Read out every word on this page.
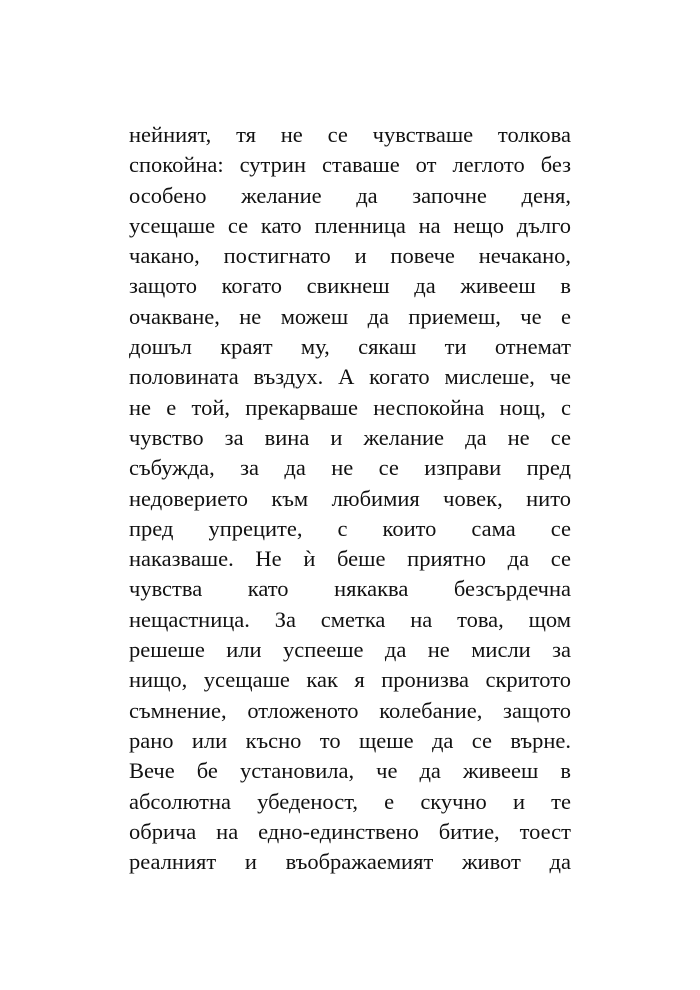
нейният, тя не се чувстваше толкова
спокойна: сутрин ставаше от леглото без
особено желание да започне деня,
усещаше се като пленница на нещо дълго
чакано, постигнато и повече нечакано,
защото когато свикнеш да живееш в
очакване, не можеш да приемеш, че е
дошъл краят му, сякаш ти отнемат
половината въздух. А когато мислеше, че
не е той, прекарваше неспокойна нощ, с
чувство за вина и желание да не се
събужда, за да не се изправи пред
недоверието към любимия човек, нито
пред упреците, с които сама се
наказваше. Не ѝ беше приятно да се
чувства като някаква безсърдечна
нещастница. За сметка на това, щом
решеше или успееше да не мисли за
нищо, усещаше как я пронизва скритото
съмнение, отложеното колебание, защото
рано или късно то щеше да се върне.
Вече бе установила, че да живееш в
абсолютна убеденост, е скучно и те
обрича на едно-единствено битие, тоест
реалният и въображаемият живот да
